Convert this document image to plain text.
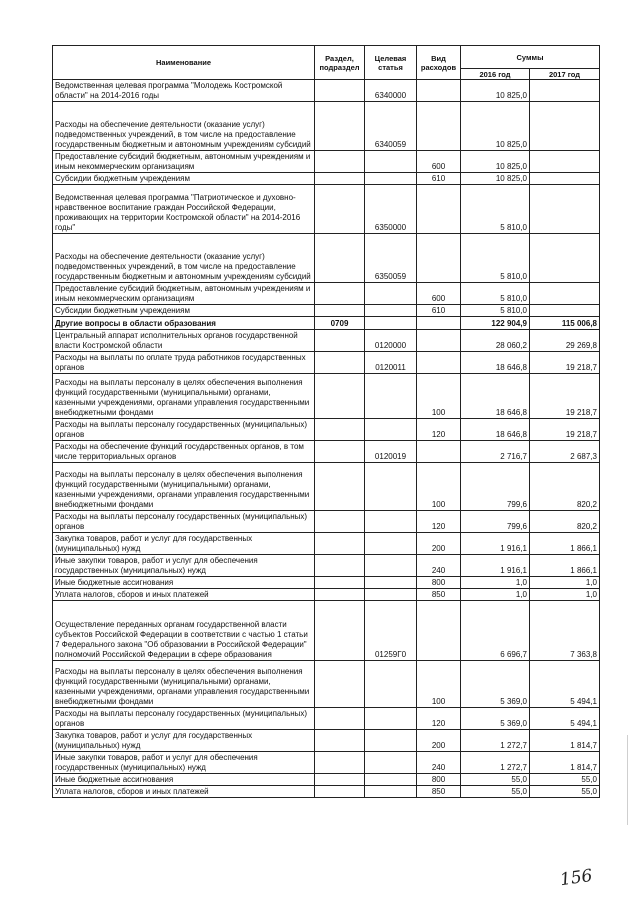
Наименование	Раздел, подраздел	Целевая статья	Вид расходов	Суммы	
				2016 год	2017 год
Ведомственная целевая программа "Молодежь Костромской области" на 2014-2016 годы		6340000		10 825,0	
Расходы на обеспечение деятельности (оказание услуг) подведомственных учреждений, в том числе на предоставление государственным бюджетным и автономным учреждениям субсидий		6340059		10 825,0	
Предоставление субсидий бюджетным, автономным учреждениям и иным некоммерческим организациям			600	10 825,0	
Субсидии бюджетным учреждениям			610	10 825,0	
Ведомственная целевая программа "Патриотическое и духовно-нравственное воспитание граждан Российской Федерации, проживающих на территории Костромской области" на 2014-2016 годы"		6350000		5 810,0	
Расходы на обеспечение деятельности (оказание услуг) подведомственных учреждений, в том числе на предоставление государственным бюджетным и автономным учреждениям субсидий		6350059		5 810,0	
Предоставление субсидий бюджетным, автономным учреждениям и иным некоммерческим организациям			600	5 810,0	
Субсидии бюджетным учреждениям			610	5 810,0	
Другие вопросы в области образования	0709			122 904,9	115 006,8
Центральный аппарат исполнительных органов государственной власти Костромской области		0120000		28 060,2	29 269,8
Расходы на выплаты по оплате труда работников государственных органов		0120011		18 646,8	19 218,7
Расходы на выплаты персоналу в целях обеспечения выполнения функций государственными (муниципальными) органами, казенными учреждениями, органами управления государственными внебюджетными фондами			100	18 646,8	19 218,7
Расходы на выплаты персоналу государственных (муниципальных) органов			120	18 646,8	19 218,7
Расходы на обеспечение функций государственных органов, в том числе территориальных органов		0120019		2 716,7	2 687,3
Расходы на выплаты персоналу в целях обеспечения выполнения функций государственными (муниципальными) органами, казенными учреждениями, органами управления государственными внебюджетными фондами			100	799,6	820,2
Расходы на выплаты персоналу государственных (муниципальных) органов			120	799,6	820,2
Закупка товаров, работ и услуг для государственных (муниципальных) нужд			200	1 916,1	1 866,1
Иные закупки товаров, работ и услуг для обеспечения государственных (муниципальных) нужд			240	1 916,1	1 866,1
Иные бюджетные ассигнования			800	1,0	1,0
Уплата налогов, сборов и иных платежей			850	1,0	1,0
Осуществление переданных органам государственной власти субъектов Российской Федерации в соответствии с частью 1 статьи 7 Федерального закона "Об образовании в Российской Федерации" полномочий Российской Федерации в сфере образования		01259Г0		6 696,7	7 363,8
Расходы на выплаты персоналу в целях обеспечения выполнения функций государственными (муниципальными) органами, казенными учреждениями, органами управления государственными внебюджетными фондами			100	5 369,0	5 494,1
Расходы на выплаты персоналу государственных (муниципальных) органов			120	5 369,0	5 494,1
Закупка товаров, работ и услуг для государственных (муниципальных) нужд			200	1 272,7	1 814,7
Иные закупки товаров, работ и услуг для обеспечения государственных (муниципальных) нужд			240	1 272,7	1 814,7
Иные бюджетные ассигнования			800	55,0	55,0
Уплата налогов, сборов и иных платежей			850	55,0	55,0
156
